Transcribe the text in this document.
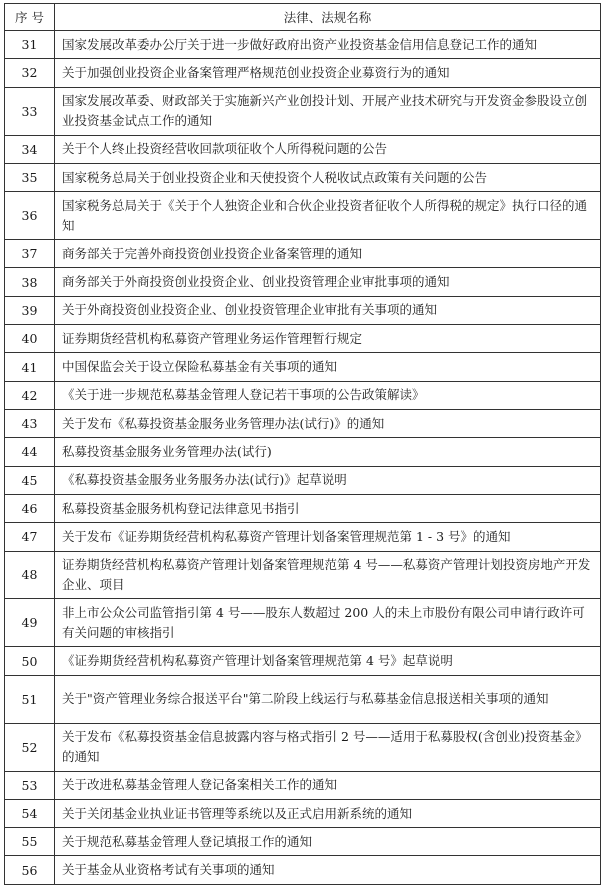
序 号	法律、法规名称
31	国家发展改革委办公厅关于进一步做好政府出资产业投资基金信用信息登记工作的通知
32	关于加强创业投资企业备案管理严格规范创业投资企业募资行为的通知
33	国家发展改革委、财政部关于实施新兴产业创投计划、开展产业技术研究与开发资金参股设立创业投资基金试点工作的通知
34	关于个人终止投资经营收回款项征收个人所得税问题的公告
35	国家税务总局关于创业投资企业和天使投资个人税收试点政策有关问题的公告
36	国家税务总局关于《关于个人独资企业和合伙企业投资者征收个人所得税的规定》执行口径的通知
37	商务部关于完善外商投资创业投资企业备案管理的通知
38	商务部关于外商投资创业投资企业、创业投资管理企业审批事项的通知
39	关于外商投资创业投资企业、创业投资管理企业审批有关事项的通知
40	证券期货经营机构私募资产管理业务运作管理暂行规定
41	中国保监会关于设立保险私募基金有关事项的通知
42	《关于进一步规范私募基金管理人登记若干事项的公告政策解读》
43	关于发布《私募投资基金服务业务管理办法(试行)》的通知
44	私募投资基金服务业务管理办法(试行)
45	《私募投资基金服务业务服务办法(试行)》起草说明
46	私募投资基金服务机构登记法律意见书指引
47	关于发布《证券期货经营机构私募资产管理计划备案管理规范第 1 - 3 号》的通知
48	证券期货经营机构私募资产管理计划备案管理规范第 4 号——私募资产管理计划投资房地产开发企业、项目
49	非上市公众公司监管指引第 4 号——股东人数超过 200 人的未上市股份有限公司申请行政许可有关问题的审核指引
50	《证券期货经营机构私募资产管理计划备案管理规范第 4 号》起草说明
51	关于"资产管理业务综合报送平台"第二阶段上线运行与私募基金信息报送相关事项的通知
52	关于发布《私募投资基金信息披露内容与格式指引 2 号——适用于私募股权(含创业)投资基金》的通知
53	关于改进私募基金管理人登记备案相关工作的通知
54	关于关闭基金业执业证书管理等系统以及正式启用新系统的通知
55	关于规范私募基金管理人登记填报工作的通知
56	关于基金从业资格考试有关事项的通知
